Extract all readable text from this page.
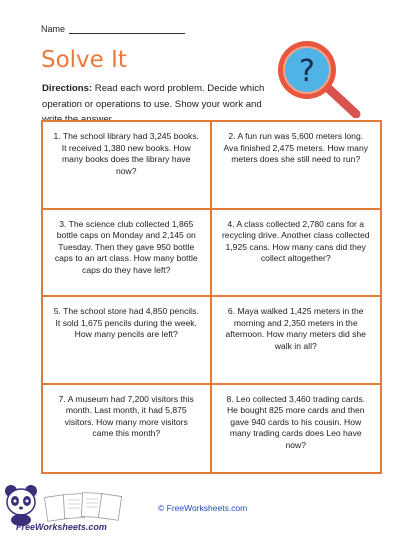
Name
Solve It	?
Directions: Read each word problem. Decide which operation or operations to use. Show your work and write the answer.
1. The school library had 3,245 books. It received 1,380 new books. How many books does the library have now?
2. A fun run was 5,600 meters long. Ava finished 2,475 meters. How many meters does she still need to run?
3. The science club collected 1,865 bottle caps on Monday and 2,145 on Tuesday. Then they gave 950 bottle caps to an art class. How many bottle caps do they have left?
4. A class collected 2,780 cans for a recycling drive. Another class collected 1,925 cans. How many cans did they collect altogether?
5. The school store had 4,850 pencils. It sold 1,675 pencils during the week. How many pencils are left?
6. Maya walked 1,425 meters in the morning and 2,350 meters in the afternoon. How many meters did she walk in all?
7. A museum had 7,200 visitors this month. Last month, it had 5,875 visitors. How many more visitors came this month?
8. Leo collected 3,460 trading cards. He bought 825 more cards and then gave 940 cards to his cousin. How many trading cards does Leo have now?
FreeWorksheets.com
© FreeWorksheets.com
